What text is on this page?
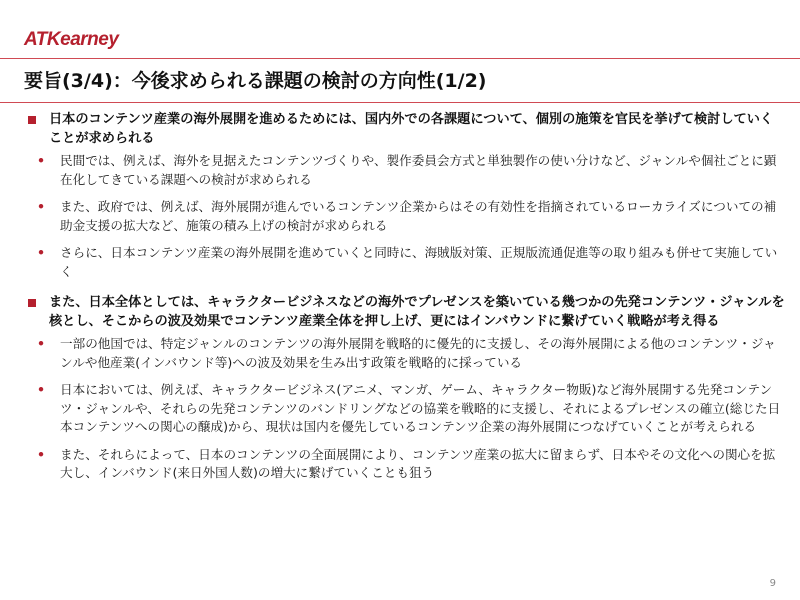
ATKearney
要旨(3/4)：今後求められる課題の検討の方向性(1/2)
日本のコンテンツ産業の海外展開を進めるためには、国内外での各課題について、個別の施策を官民を挙げて検討していくことが求められる
•	民間では、例えば、海外を見据えたコンテンツづくりや、製作委員会方式と単独製作の使い分けなど、ジャンルや個社ごとに顕在化してきている課題への検討が求められる
•	また、政府では、例えば、海外展開が進んでいるコンテンツ企業からはその有効性を指摘されているローカライズについての補助金支援の拡大など、施策の積み上げの検討が求められる
•	さらに、日本コンテンツ産業の海外展開を進めていくと同時に、海賊版対策、正規版流通促進等の取り組みも併せて実施していく
また、日本全体としては、キャラクタービジネスなどの海外でプレゼンスを築いている幾つかの先発コンテンツ・ジャンルを核とし、そこからの波及効果でコンテンツ産業全体を押し上げ、更にはインバウンドに繋げていく戦略が考え得る
•	一部の他国では、特定ジャンルのコンテンツの海外展開を戦略的に優先的に支援し、その海外展開による他のコンテンツ・ジャンルや他産業(インバウンド等)への波及効果を生み出す政策を戦略的に採っている
•	日本においては、例えば、キャラクタービジネス(アニメ、マンガ、ゲーム、キャラクター物販)など海外展開する先発コンテンツ・ジャンルや、それらの先発コンテンツのバンドリングなどの協業を戦略的に支援し、それによるプレゼンスの確立(総じた日本コンテンツへの関心の醸成)から、現状は国内を優先しているコンテンツ企業の海外展開につなげていくことが考えられる
•	また、それらによって、日本のコンテンツの全面展開により、コンテンツ産業の拡大に留まらず、日本やその文化への関心を拡大し、インバウンド(来日外国人数)の増大に繋げていくことも狙う
9
